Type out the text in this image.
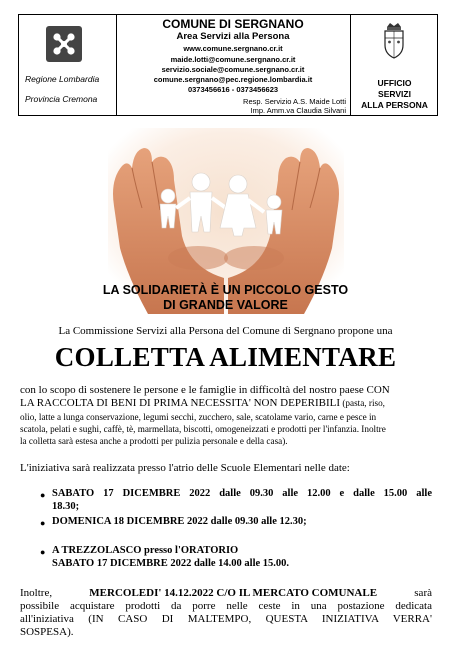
Regione Lombardia
Provincia Cremona
COMUNE DI SERGNANO
Area Servizi alla Persona
www.comune.sergnano.cr.it
maide.lotti@comune.sergnano.cr.it
servizio.sociale@comune.sergnano.cr.it
comune.sergnano@pec.regione.lombardia.it
0373456616 - 0373456623
Resp. Servizio A.S. Maide Lotti
Imp. Amm.va Claudia Silvani
UFFICIO
SERVIZI
ALLA PERSONA
LA SOLIDARIETÀ È UN PICCOLO GESTO
DI GRANDE VALORE
La Commissione Servizi alla Persona del Comune di Sergnano propone una
COLLETTA ALIMENTARE
con lo scopo di sostenere le persone e le famiglie in difficoltà del nostro paese CON
LA RACCOLTA DI BENI DI PRIMA NECESSITA' NON DEPERIBILI (pasta, riso,
olio, latte a lunga conservazione, legumi secchi, zucchero, sale, scatolame vario, carne e pesce in
scatola, pelati e sughi, caffè, tè, marmellata, biscotti, omogeneizzati e prodotti per l'infanzia. Inoltre
la colletta sarà estesa anche a prodotti per pulizia personale e della casa).
L'iniziativa sarà realizzata presso l'atrio delle Scuole Elementari nelle date:
● SABATO 17 DICEMBRE 2022 dalle 09.30 alle 12.00 e dalle 15.00 alle
18.30;
● DOMENICA 18 DICEMBRE 2022 dalle 09.30 alle 12.30;
● A TREZZOLASCO presso l'ORATORIO
SABATO 17 DICEMBRE 2022 dalle 14.00 alle 15.00.
Inoltre,	MERCOLEDI' 14.12.2022 C/O IL MERCATO COMUNALE	sarà
possibile acquistare prodotti da porre nelle ceste in una postazione dedicata
all'iniziativa (IN CASO DI MALTEMPO, QUESTA INIZIATIVA VERRA'
SOSPESA).
